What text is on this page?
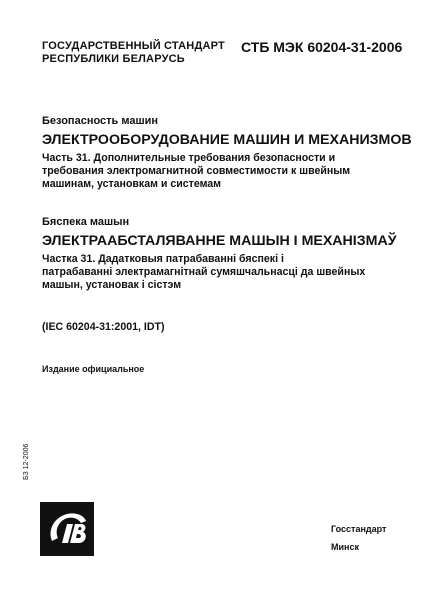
ГОСУДАРСТВЕННЫЙ СТАНДАРТ
РЕСПУБЛИКИ БЕЛАРУСЬ
СТБ МЭК 60204-31-2006
Безопасность машин
ЭЛЕКТРООБОРУДОВАНИЕ МАШИН И МЕХАНИЗМОВ
Часть 31. Дополнительные требования безопасности и
требования электромагнитной совместимости к швейным
машинам, установкам и системам
Бяспека машын
ЭЛЕКТРААБСТАЛЯВАННЕ МАШЫН І МЕХАНІЗМАЎ
Частка 31. Дадатковыя патрабаванні бяспекі і
патрабаванні электрамагнітнай сумяшчальнасці да швейных
машын, установак і сістэм
(IEC 60204-31:2001, IDT)
Издание официальное
БЗ 12-2006
Госстандарт
Минск
